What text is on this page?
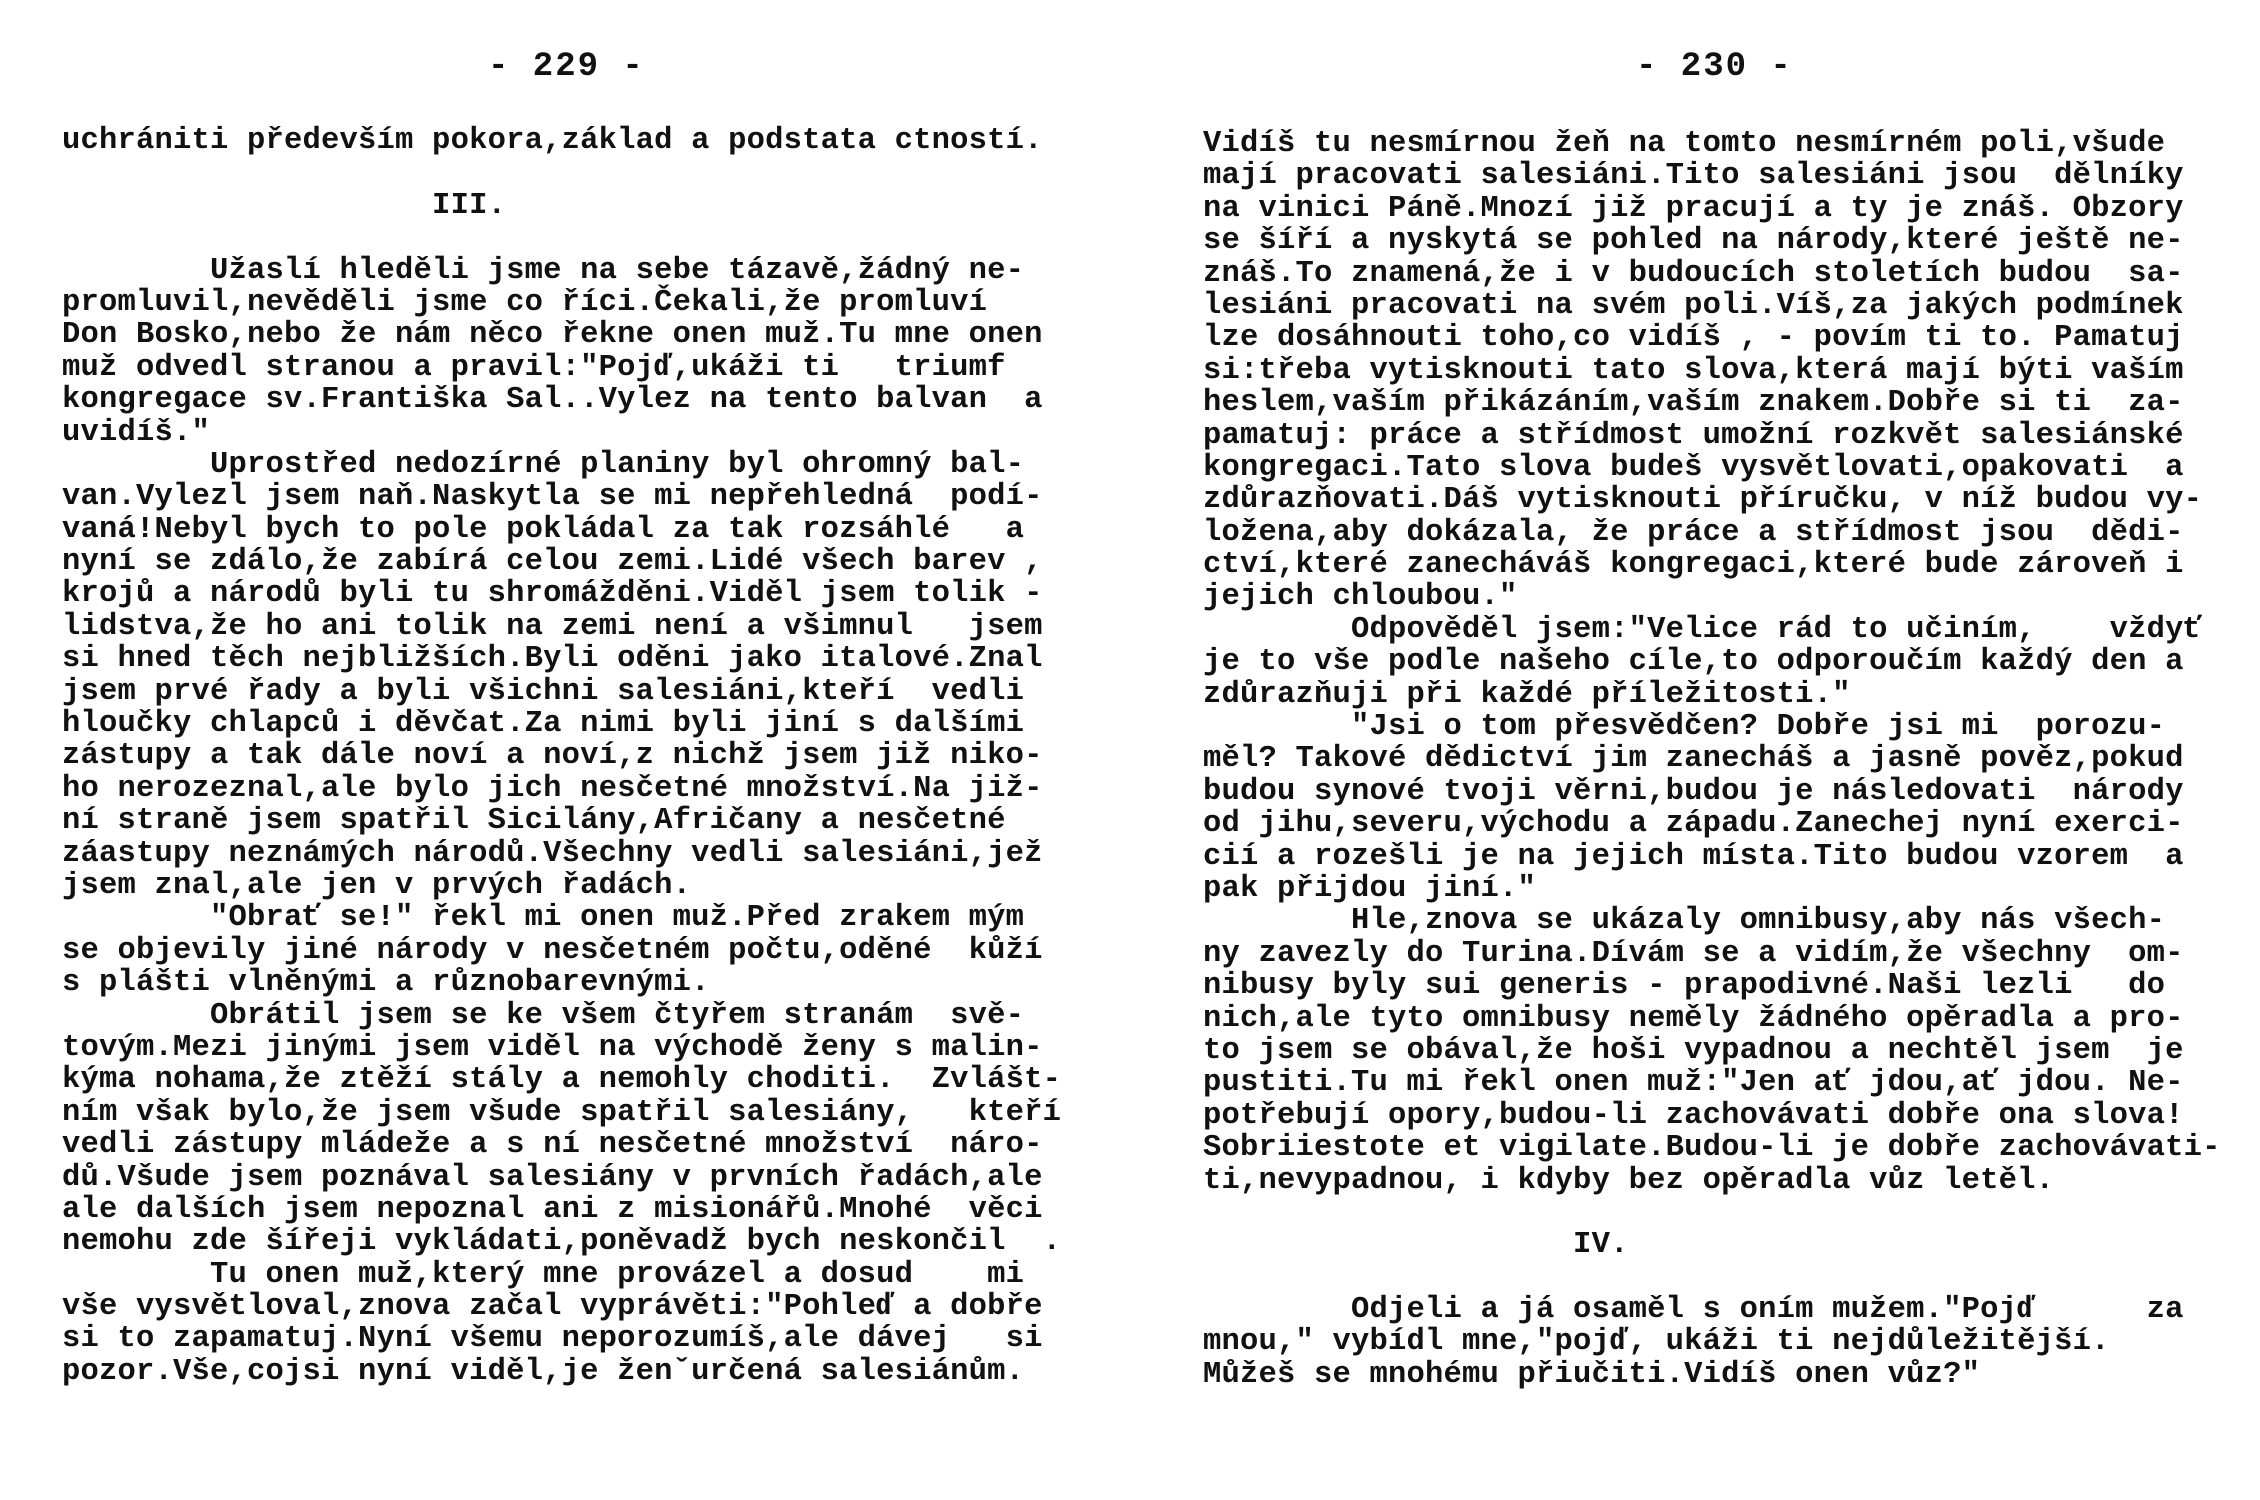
- 229 -
uchrániti především pokora,základ a podstata ctností.
III.
Užaslí hleděli jsme na sebe tázavě,žádný ne-
promluvil,nevěděli jsme co říci.Čekali,že promluví
Don Bosko,nebo že nám něco řekne onen muž.Tu mne onen
muž odvedl stranou a pravil:"Pojď,ukáži ti   triumf
kongregace sv.Františka Sal..Vylez na tento balvan  a
uvidíš."
Uprostřed nedozírné planiny byl ohromný bal-
van.Vylezl jsem naň.Naskytla se mi nepřehledná  podí-
vaná!Nebyl bych to pole pokládal za tak rozsáhlé   a
nyní se zdálo,že zabírá celou zemi.Lidé všech barev ,
krojů a národů byli tu shromážděni.Viděl jsem tolik -
lidstva,že ho ani tolik na zemi není a všimnul   jsem
si hned těch nejbližších.Byli oděni jako italové.Znal
jsem prvé řady a byli všichni salesiáni,kteří  vedli
hloučky chlapců i děvčat.Za nimi byli jiní s dalšími
zástupy a tak dále noví a noví,z nichž jsem již niko-
ho nerozeznal,ale bylo jich nesčetné množství.Na již-
ní straně jsem spatřil Sicilány,Afričany a nesčetné
záastupy neznámých národů.Všechny vedli salesiáni,jež
jsem znal,ale jen v prvých řadách.
"Obrať se!" řekl mi onen muž.Před zrakem mým
se objevily jiné národy v nesčetném počtu,oděné  kůží
s plášti vlněnými a různobarevnými.
Obrátil jsem se ke všem čtyřem stranám  svě-
tovým.Mezi jinými jsem viděl na východě ženy s malin-
kýma nohama,že ztěží stály a nemohly choditi.  Zvlášt-
ním však bylo,že jsem všude spatřil salesiány,   kteří
vedli zástupy mládeže a s ní nesčetné množství  náro-
dů.Všude jsem poznával salesiány v prvních řadách,ale
ale dalších jsem nepoznal ani z misionářů.Mnohé  věci
nemohu zde šířeji vykládati,poněvadž bych neskončil  .
Tu onen muž,který mne provázel a dosud    mi
vše vysvětloval,znova začal vyprávěti:"Pohleď a dobře
si to zapamatuj.Nyní všemu neporozumíš,ale dávej   si
pozor.Vše,cojsi nyní viděl,je ženˇurčená salesiánům.
- 230 -
Vidíš tu nesmírnou žeň na tomto nesmírném poli,všude
mají pracovati salesiáni.Tito salesiáni jsou  dělníky
na vinici Páně.Mnozí již pracují a ty je znáš. Obzory
se šíří a nyskytá se pohled na národy,které ještě ne-
znáš.To znamená,že i v budoucích stoletích budou  sa-
lesiáni pracovati na svém poli.Víš,za jakých podmínek
lze dosáhnouti toho,co vidíš , - povím ti to. Pamatuj
si:třeba vytisknouti tato slova,která mají býti vaším
heslem,vaším přikázáním,vaším znakem.Dobře si ti  za-
pamatuj: práce a střídmost umožní rozkvět salesiánské
kongregaci.Tato slova budeš vysvětlovati,opakovati  a
zdůrazňovati.Dáš vytisknouti příručku, v níž budou vy-
ložena,aby dokázala, že práce a střídmost jsou  dědi-
ctví,které zanecháváš kongregaci,které bude zároveň i
jejich chloubou."
Odpověděl jsem:"Velice rád to učiním,    vždyť
je to vše podle našeho cíle,to odporoučím každý den a
zdůrazňuji při každé příležitosti."
"Jsi o tom přesvědčen? Dobře jsi mi  porozu-
měl? Takové dědictví jim zanecháš a jasně pověz,pokud
budou synové tvoji věrni,budou je následovati  národy
od jihu,severu,východu a západu.Zanechej nyní exerci-
cií a rozešli je na jejich místa.Tito budou vzorem  a
pak přijdou jiní."
Hle,znova se ukázaly omnibusy,aby nás všech-
ny zavezly do Turina.Dívám se a vidím,že všechny  om-
nibusy byly sui generis - prapodivné.Naši lezli   do
nich,ale tyto omnibusy neměly žádného opěradla a pro-
to jsem se obával,že hoši vypadnou a nechtěl jsem  je
pustiti.Tu mi řekl onen muž:"Jen ať jdou,ať jdou. Ne-
potřebují opory,budou-li zachovávati dobře ona slova!
Sobriiestote et vigilate.Budou-li je dobře zachovávati-
ti,nevypadnou, i kdyby bez opěradla vůz letěl.
IV.
Odjeli a já osaměl s oním mužem."Pojď      za
mnou," vybídl mne,"pojď, ukáži ti nejdůležitější.
Můžeš se mnohému přiučiti.Vidíš onen vůz?"
